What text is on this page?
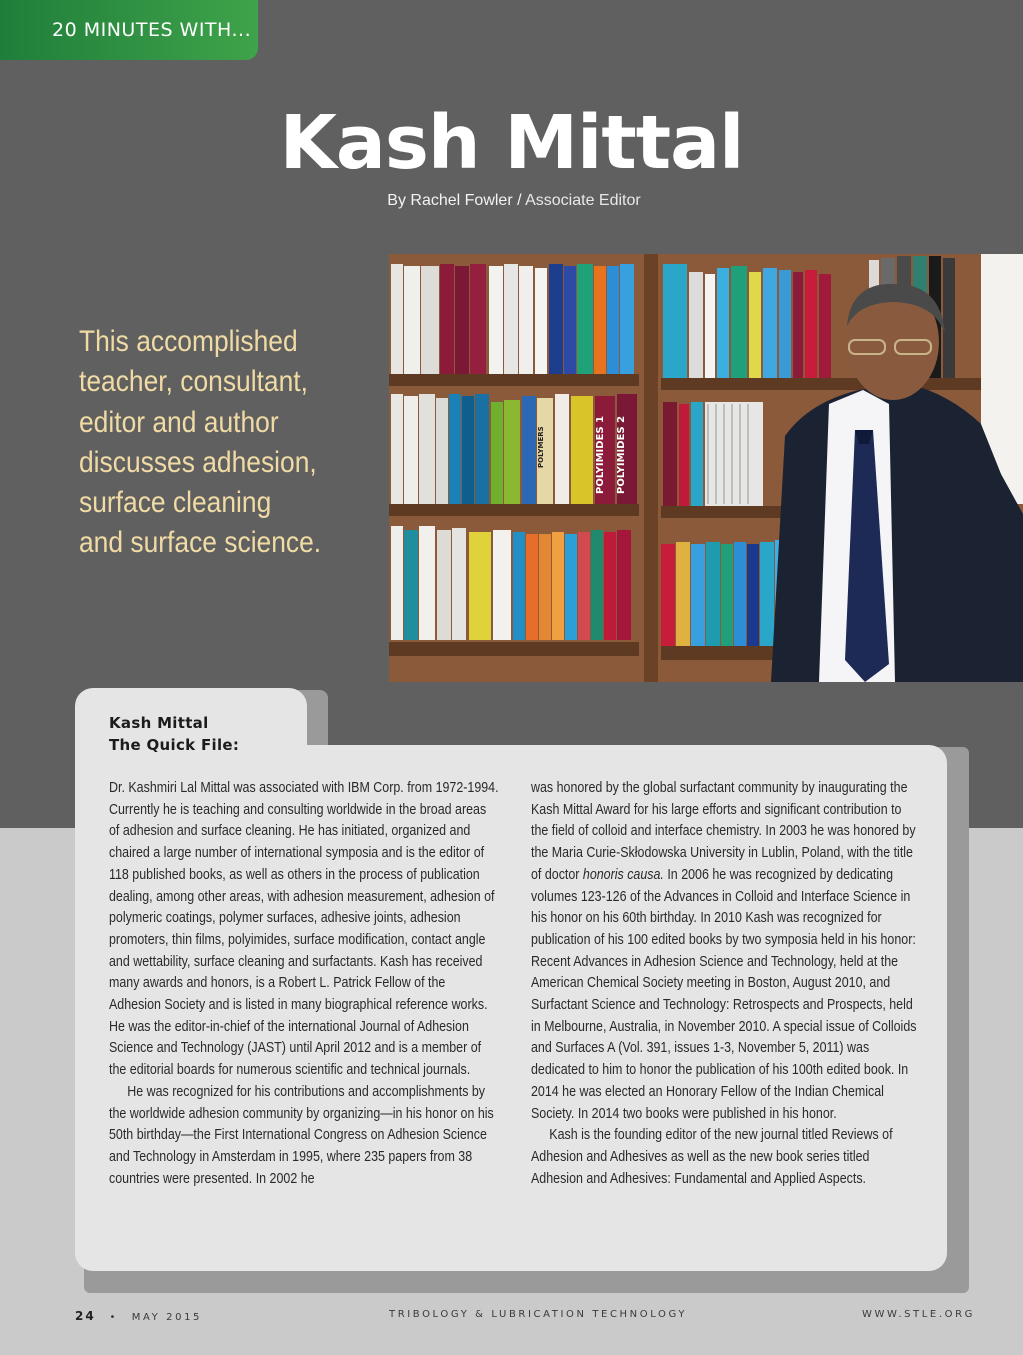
20 MINUTES WITH...
Kash Mittal
By Rachel Fowler / Associate Editor
This accomplished
teacher, consultant,
editor and author
discusses adhesion,
surface cleaning
and surface science.
POLYIMIDES 2
POLYIMIDES 1
POLYMERS
Kash Mittal
The Quick File:

Dr. Kashmiri Lal Mittal was associated with IBM Corp. from 1972-1994. Currently he is teaching and consulting worldwide in the broad areas of adhesion and surface cleaning. He has initiated, organized and chaired a large number of international symposia and is the editor of 118 published books, as well as others in the process of publication dealing, among other areas, with adhesion measurement, adhesion of polymeric coatings, polymer surfaces, adhesive joints, adhesion promoters, thin films, polyimides, surface modification, contact angle and wettability, surface cleaning and surfactants. Kash has received many awards and honors, is a Robert L. Patrick Fellow of the Adhesion Society and is listed in many biographical reference works. He was the editor-in-chief of the international Journal of Adhesion Science and Technology (JAST) until April 2012 and is a member of the editorial boards for numerous scientific and technical journals.

He was recognized for his contributions and accomplishments by the worldwide adhesion community by organizing—in his honor on his 50th birthday—the First International Congress on Adhesion Science and Technology in Amsterdam in 1995, where 235 papers from 38 countries were presented. In 2002 he

was honored by the global surfactant community by inaugurating the Kash Mittal Award for his large efforts and significant contribution to the field of colloid and interface chemistry. In 2003 he was honored by the Maria Curie-Skłodowska University in Lublin, Poland, with the title of doctor honoris causa. In 2006 he was recognized by dedicating volumes 123-126 of the Advances in Colloid and Interface Science in his honor on his 60th birthday. In 2010 Kash was recognized for publication of his 100 edited books by two symposia held in his honor: Recent Advances in Adhesion Science and Technology, held at the American Chemical Society meeting in Boston, August 2010, and Surfactant Science and Technology: Retrospects and Prospects, held in Melbourne, Australia, in November 2010. A special issue of Colloids and Surfaces A (Vol. 391, issues 1-3, November 5, 2011) was dedicated to him to honor the publication of his 100th edited book. In 2014 he was elected an Honorary Fellow of the Indian Chemical Society. In 2014 two books were published in his honor.

Kash is the founding editor of the new journal titled Reviews of Adhesion and Adhesives as well as the new book series titled Adhesion and Adhesives: Fundamental and Applied Aspects.

24 • MAY 2015	TRIBOLOGY & LUBRICATION TECHNOLOGY	WWW.STLE.ORG
